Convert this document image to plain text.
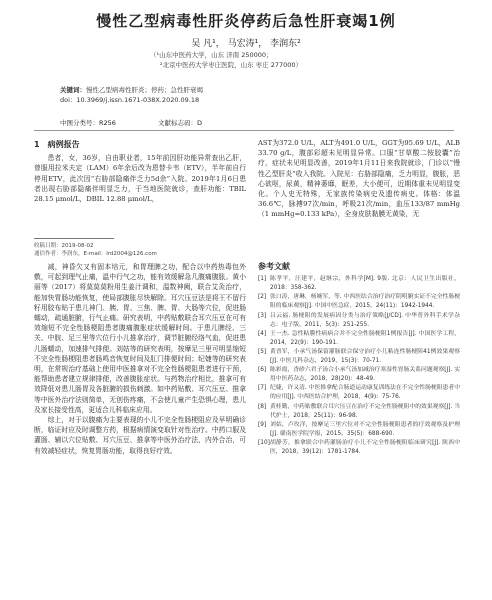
慢性乙型病毒性肝炎停药后急性肝衰竭1例
吴 凡¹， 马宏涛¹， 李润东²
（¹山东中医药大学，山东 济南 250000；
²北京中医药大学枣庄医院，山东 枣庄 277000）
关键词：慢性乙型病毒性肝炎；停药；急性肝衰竭
doi：10.3969/j.issn.1671-038X.2020.09.18
中图分类号：R256	文献标志码：D
1　病例报告

患者，女，36岁，自由职业者，15年前因肝功能异常查出乙肝，曾服用拉米夫定（LAM）6年余后改为恩替卡韦（ETV），半年前自行停用ETV，此次因“右胁部隐痛伴乏力5d余”入院。2019年1月6日患者出现右胁部隐痛伴明显乏力，于当地医院就诊，查肝功能：TBIL 28.15 μmol/L，DBIL 12.88 μmol/L，

收稿日期：2019-08-02
通信作者：李润东，E-mail：lrd2004@126.com

AST为372.0 U/L，ALT为491.0 U/L，GGT为95.69 U/L，ALB 33.70 g/L，腹部彩超未见明显异常。口服“甘草酸二铵胶囊”治疗，症状未见明显改善，2019年1月11日来我院就诊，门诊以“慢性乙型肝炎”收入我院。入院见：右胁部隐痛，乏力明显，腹胀，恶心欲呕，尿黄，精神萎靡，眠差，大小便可，近期体重未见明显变化。个人史无特殊，无家族传染病史及遗传病史。体格：体温36.6℃，脉搏97次/min，呼吸21次/min，血压133/87 mmHg（1 mmHg=0.133 kPa），全身皮肤黏膜无黄染，无

减，神昏欠又有固本培元，和胃理脾之功，配合以中药热毒包外敷，可起到理气止痛，温中行气之功，能有效缓解急几腹痛腹胀。黄小丽等（2017）将莫莫莫粉用生姜汁调和，温数神阙，联合艾灸治疗，能加快胃肠功能恢复，使局部腹胀尽快解除。耳穴压豆法是将王不留行籽用胶布贴于患儿神门、胰、胃、三焦、脾、胃、大肠等穴位，促进肠蠕动，疏通脏腑，行气止痛。研究表明，中药贴敷联合耳穴压豆在可有效缩短不完全性肠梗阻患者腹痛腹胀症状缓解时间。于患儿脾经、三关、中脘、足三里等穴位行小儿推拿治疗，调节脏腑经络气血，促进患儿肠蠕动，加速排气排便。刘姑等的研究表明，按摩足三里可明显缩短不完全性肠梗阻患者肠鸣音恢复时间及肛门排便时间；纪婕等的研究表明，在常规治疗基础上使用中医推拿对不完全性肠梗阻患者进行干预，能帮助患者建立规律排便，改善腹胀症状。与药物治疗相比，推拿可有效降低对患儿肠胃及各脏腑的损伤刺激。如中药贴敷、耳穴压豆、推拿等中医外治疗法则简单，无创伤疼痛，不会使儿童产生恐惧心理，患儿及家长接受性高，更适合儿科临床应用。

综上，对于以腹痛为主要表现的小儿不完全性肠梗阻应及早明确诊断，临证时应及时调整方药，根据病情演变取针对性治疗。中药口服及灌肠、辅以穴位贴敷、耳穴压豆、推拿等中医外治疗法，内外合治，可有效减轻症状，恢复胃肠功能，取得良好疗效。

参考文献
[1] 陈孝平，汪建平，赵继宗，外科学[M]. 9版. 北京：人民卫生出版社，2018：358-362.
[2] 张口涛，唐琳，杨婉军，等. 中西医结合治疗治疗阴明腑实证不完全性肠梗阻的临床观察[J]. 中国中医急症，2015，24(11)：1942-1944.
[3] 吕云福. 肠梗阻的发展病因分类与治疗策略[J/CD]. 中华普外科手术学杂志：电子版，2011，5(3)：251-255.
[4] 王一杰. 急性粘膜性病病合并不完全性肠梗阻1例报告[J]. 中国医学工程，2014，22(9)：190-191.
[5] 黄晋军，小承气汤保留灌肠联合保守治疗小儿粘连性肠梗阻41例效果观察[J]. 中医儿科杂志，2019，15(3)：70-71.
[6] 陈彩霞，香砂六君子汤合小承气汤加减治疗寒湿性胃肠关系问题观察[J]. 实用中医药杂志，2018，28(20)：48-49.
[7] 纪婕，许又清. 中医推拿配合肠道运动康复训练法在不完全性肠梗阻患者中的应用[J]. 中西医结合护理，2018，4(9)：75-76.
[8] 黄桂勤，中药贴敷联合耳穴压豆在治疗不完全性肠梗阻中的效果观察[J]. 当代护士，2018，25(11)：96-98.
[9] 刘姑，卢玫洋，按摩足三里穴位对不完全性肠梗阻患者的疗效观察及护理[J]. 赣南医学院学报，2015，35(5)：688-690.
[10] 胡静芳，推拿联合中药灌肠治疗小儿不完全性肠梗阻临床研究[J]. 陕西中医，2018，39(12)：1781-1784.
